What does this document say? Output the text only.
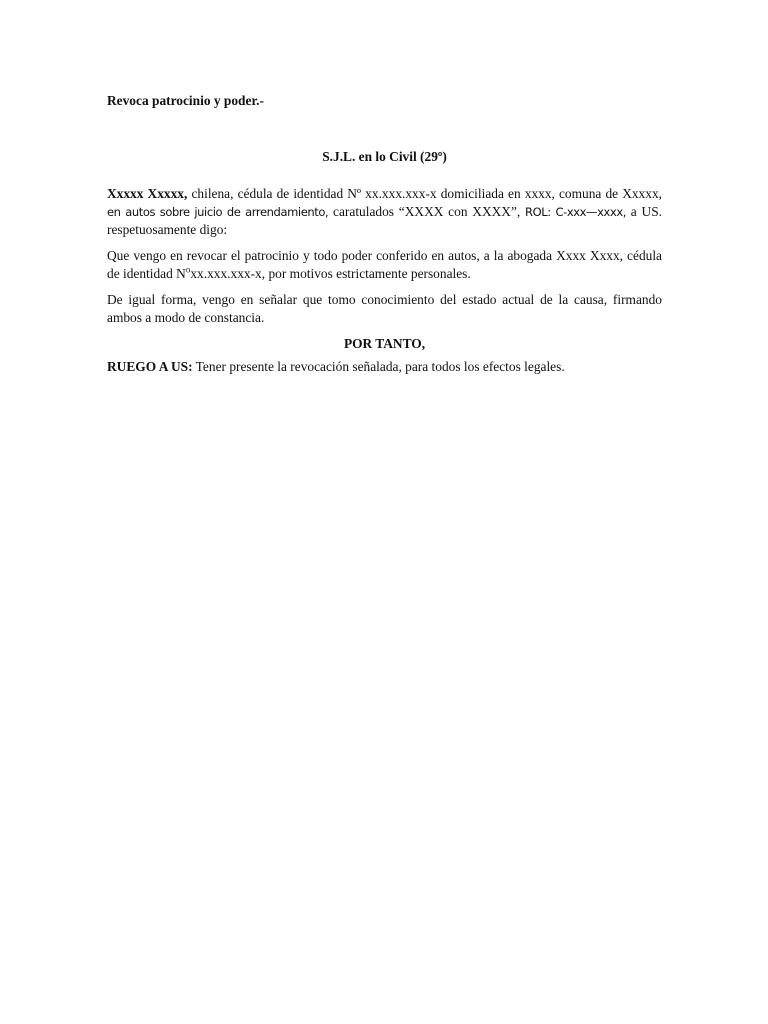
Revoca patrocinio y poder.-

S.J.L. en lo Civil (29º)

Xxxxx Xxxxx, chilena, cédula de identidad Nº xx.xxx.xxx-x domiciliada en xxxx, comuna de Xxxxx, en autos sobre juicio de arrendamiento, caratulados “XXXX con XXXX”, ROL: C-xxx—xxxx, a US. respetuosamente digo:

Que vengo en revocar el patrocinio y todo poder conferido en autos, a la abogada Xxxx Xxxx, cédula de identidad $N^oxx.xxx.xxx-x$, por motivos estrictamente personales.

De igual forma, vengo en señalar que tomo conocimiento del estado actual de la causa, firmando ambos a modo de constancia.

POR TANTO,

RUEGO A US: Tener presente la revocación señalada, para todos los efectos legales.
